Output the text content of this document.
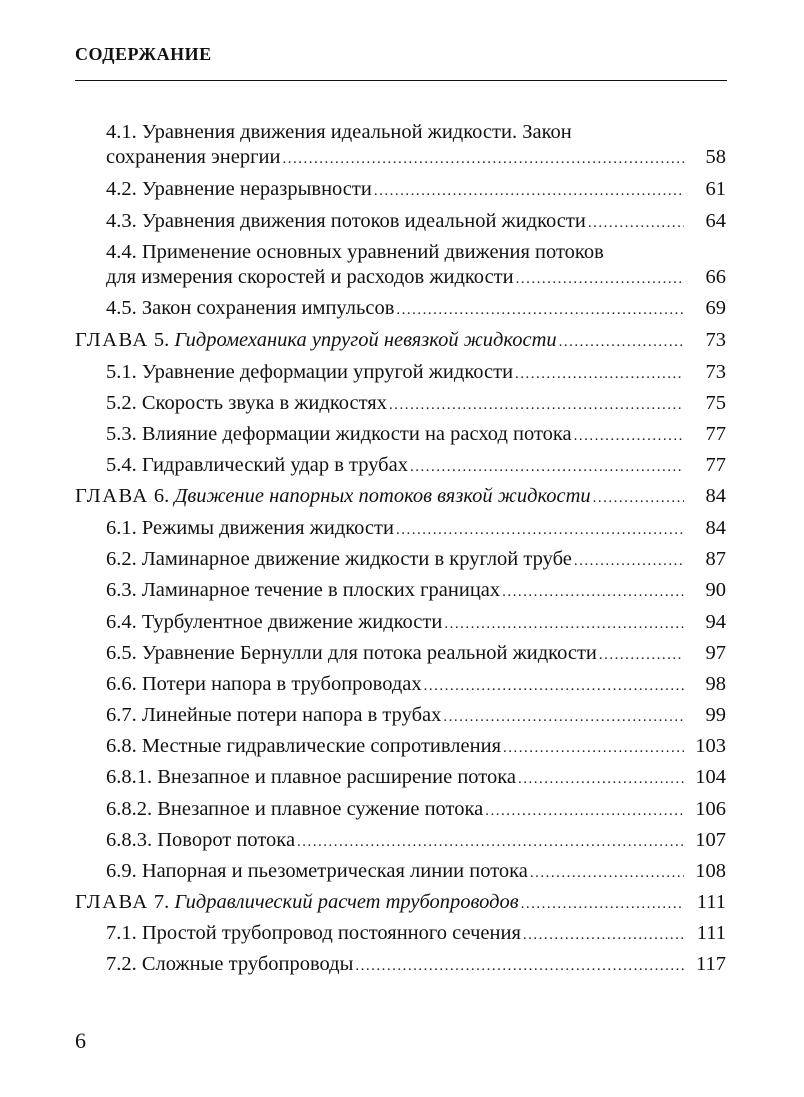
СОДЕРЖАНИЕ
4.1. Уравнения движения идеальной жидкости. Закон
сохранения энергии .....	58
4.2. Уравнение неразрывности .....	61
4.3. Уравнения движения потоков идеальной жидкости .....	64
4.4. Применение основных уравнений движения потоков
для измерения скоростей и расходов жидкости .....	66
4.5. Закон сохранения импульсов .....	69
ГЛАВА 5. Гидромеханика упругой невязкой жидкости .....	73
5.1. Уравнение деформации упругой жидкости .....	73
5.2. Скорость звука в жидкостях .....	75
5.3. Влияние деформации жидкости на расход потока .....	77
5.4. Гидравлический удар в трубах .....	77
ГЛАВА 6. Движение напорных потоков вязкой жидкости .....	84
6.1. Режимы движения жидкости .....	84
6.2. Ламинарное движение жидкости в круглой трубе .....	87
6.3. Ламинарное течение в плоских границах .....	90
6.4. Турбулентное движение жидкости .....	94
6.5. Уравнение Бернулли для потока реальной жидкости .....	97
6.6. Потери напора в трубопроводах .....	98
6.7. Линейные потери напора в трубах .....	99
6.8. Местные гидравлические сопротивления .....	103
6.8.1. Внезапное и плавное расширение потока .....	104
6.8.2. Внезапное и плавное сужение потока .....	106
6.8.3. Поворот потока .....	107
6.9. Напорная и пьезометрическая линии потока .....	108
ГЛАВА 7. Гидравлический расчет трубопроводов .....	111
7.1. Простой трубопровод постоянного сечения .....	111
7.2. Сложные трубопроводы .....	117
6
